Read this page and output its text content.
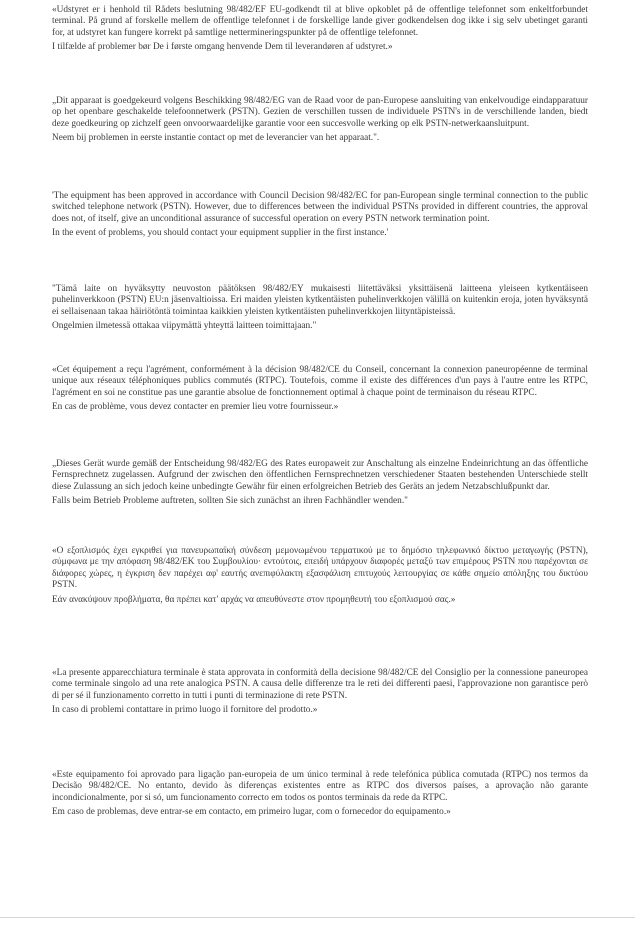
«Udstyret er i henhold til Rådets beslutning 98/482/EF EU-godkendt til at blive opkoblet på de offentlige telefonnet som enkeltforbundet terminal. På grund af forskelle mellem de offentlige telefonnet i de forskellige lande giver godkendelsen dog ikke i sig selv ubetinget garanti for, at udstyret kan fungere korrekt på samtlige nettermineringspunkter på de offentlige telefonnet.

I tilfælde af problemer bør De i første omgang henvende Dem til leverandøren af udstyret.»

„Dit apparaat is goedgekeurd volgens Beschikking 98/482/EG van de Raad voor de pan-Europese aansluiting van enkelvoudige eindapparatuur op het openbare geschakelde telefoonnetwerk (PSTN). Gezien de verschillen tussen de individuele PSTN's in de verschillende landen, biedt deze goedkeuring op zichzelf geen onvoorwaardelijke garantie voor een succesvolle werking op elk PSTN-netwerkaansluitpunt.

Neem bij problemen in eerste instantie contact op met de leverancier van het apparaat.".

'The equipment has been approved in accordance with Council Decision 98/482/EC for pan-European single terminal connection to the public switched telephone network (PSTN). However, due to differences between the individual PSTNs provided in different countries, the approval does not, of itself, give an unconditional assurance of successful operation on every PSTN network termination point.

In the event of problems, you should contact your equipment supplier in the first instance.'

"Tämä laite on hyväksytty neuvoston päätöksen 98/482/EY mukaisesti liitettäväksi yksittäisenä laitteena yleiseen kytkentäiseen puhelinverkkoon (PSTN) EU:n jäsenvaltioissa. Eri maiden yleisten kytkentäisten puhelinverkkojen välillä on kuitenkin eroja, joten hyväksyntä ei sellaisenaan takaa häiriötöntä toimintaa kaikkien yleisten kytkentäisten puhelinverkkojen liityntäpisteissä.

Ongelmien ilmetessä ottakaa viipymättä yhteyttä laitteen toimittajaan."

«Cet équipement a reçu l'agrément, conformément à la décision 98/482/CE du Conseil, concernant la connexion paneuropéenne de terminal unique aux réseaux téléphoniques publics commutés (RTPC). Toutefois, comme il existe des différences d'un pays à l'autre entre les RTPC, l'agrément en soi ne constitue pas une garantie absolue de fonctionnement optimal à chaque point de terminaison du réseau RTPC.

En cas de problème, vous devez contacter en premier lieu votre fournisseur.»

„Dieses Gerät wurde gemäß der Entscheidung 98/482/EG des Rates europaweit zur Anschaltung als einzelne Endeinrichtung an das öffentliche Fernsprechnetz zugelassen. Aufgrund der zwischen den öffentlichen Fernsprechnetzen verschiedener Staaten bestehenden Unterschiede stellt diese Zulassung an sich jedoch keine unbedingte Gewähr für einen erfolgreichen Betrieb des Geräts an jedem Netzabschlußpunkt dar.

Falls beim Betrieb Probleme auftreten, sollten Sie sich zunächst an ihren Fachhändler wenden."

«Ο εξοπλισμός έχει εγκριθεί για πανευρωπαϊκή σύνδεση μεμονωμένου τερματικού με το δημόσιο τηλεφωνικό δίκτυο μεταγωγής (PSTN), σύμφωνα με την απόφαση 98/482/ΕΚ του Συμβουλίου· εντούτοις, επειδή υπάρχουν διαφορές μεταξύ των επιμέρους PSTN που παρέχονται σε διάφορες χώρες, η έγκριση δεν παρέχει αφ' εαυτής ανεπιφύλακτη εξασφάλιση επιτυχούς λειτουργίας σε κάθε σημείο απόληξης του δικτύου PSTN.

Εάν ανακύψουν προβλήματα, θα πρέπει κατ' αρχάς να απευθύνεστε στον προμηθευτή του εξοπλισμού σας.»

«La presente apparecchiatura terminale è stata approvata in conformità della decisione 98/482/CE del Consiglio per la connessione paneuropea come terminale singolo ad una rete analogica PSTN. A causa delle differenze tra le reti dei differenti paesi, l'approvazione non garantisce però di per sé il funzionamento corretto in tutti i punti di terminazione di rete PSTN.

In caso di problemi contattare in primo luogo il fornitore del prodotto.»

«Este equipamento foi aprovado para ligação pan-europeia de um único terminal à rede telefónica pública comutada (RTPC) nos termos da Decisão 98/482/CE. No entanto, devido às diferenças existentes entre as RTPC dos diversos países, a aprovação não garante incondicionalmente, por si só, um funcionamento correcto em todos os pontos terminais da rede da RTPC.

Em caso de problemas, deve entrar-se em contacto, em primeiro lugar, com o fornecedor do equipamento.»
